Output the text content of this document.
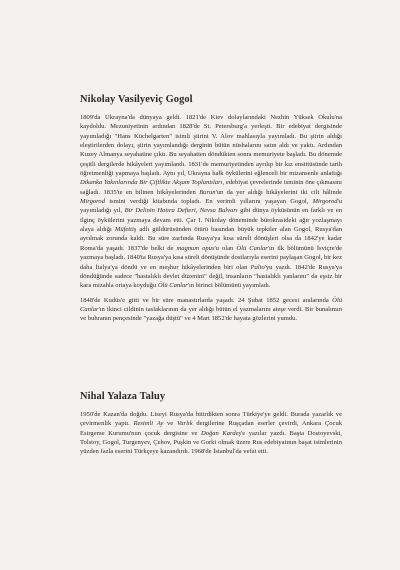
Nikolay Vasilyeviç Gogol

1809'da Ukrayna'da dünyaya geldi. 1821'de Kiev dolaylarındaki Nezhin Yüksek Okulu'na kaydoldu. Mezuniyetinin ardından 1828'de St. Petersburg'a yerleşti. Bir edebiyat dergisinde yayımladığı "Hans Küchelgarten" isimli şiirini V. Alov mahlasıyla yayımladı. Bu şiirin aldığı eleştirilerden dolayı, şiirin yayımlandığı derginin bütün nüshalarını satın aldı ve yaktı. Ardından Kuzey Almanya seyahatine çıktı. Bu seyahatten döndükten sonra memuriyete başladı. Bu dönemde çeşitli dergilerde hikâyeleri yayımlandı. 1831'de memuriyetinden ayrılıp bir kız enstitüsünde tarih öğretmenliği yapmaya başladı. Aynı yıl, Ukrayna halk öykülerini eğlenceli bir mizansenle anlattığı Dikanka Yakınlarında Bir Çiftlikte Akşam Toplantıları, edebiyat çevrelerinde isminin öne çıkmasını sağladı. 1835'te en bilinen hikâyelerinden Burun'un da yer aldığı hikâyelerini iki cilt hâlinde Mirgorod ismini verdiği kitabında topladı. En verimli yıllarını yaşayan Gogol, Mirgorod'u yayımladığı yıl, Bir Delinin Hatıra Defteri, Nevsa Bulvarı gibi dünya öyküsünün en farklı ve en ilginç öykülerini yazmaya devam etti. Çar I. Nikolay döneminde bürokrasideki ağır yozlaşmayı alaya aldığı Müfettiş adlı güldürüsünden ötürü basından büyük tepkiler alan Gogol, Rusya'dan ayrılmak zorunda kaldı. Bu süre zarfında Rusya'ya kısa süreli dönüşleri olsa da 1842'ye kadar Roma'da yaşadı. 1837'de belki de magnum opus'u olan Ölü Canlar'ın ilk bölümünü İsviçre'de yazmaya başladı. 1840'ta Rusya'ya kısa süreli dönüşünde dostlarıyla eserini paylaşan Gogol, bir kez daha İtalya'ya döndü ve en meşhur hikâyelerinden biri olan Palto'yu yazdı. 1842'de Rusya'ya döndüğünde sadece "hastalıklı devlet düzenini" değil, insanların "hastalıklı yanlarını" da eşsiz bir kara mizahla ortaya koyduğu Ölü Canlar'ın birinci bölümünü yayımladı.

1848'de Kudüs'e gitti ve bir süre manastırlarda yaşadı. 24 Şubat 1852 gecesi aralarında Ölü Canlar'ın ikinci cildinin taslaklarının da yer aldığı bütün el yazmalarını ateşe verdi. Bir bunalımın ve buhranın pençesinde "yazağa düştü" ve 4 Mart 1852'de hayata gözlerini yumdu.

Nihal Yalaza Taluy

1950'de Kazan'da doğdu. Liseyi Rusya'da bitirdikten sonra Türkiye'ye geldi. Burada yazarlık ve çevirmenlik yaptı. Resimli Ay ve Varlık dergilerine Ruşçadan eserler çevirdi, Ankara Çocuk Esirgeme Kurumu'nun çocuk dergisine ve Doğan Kardeş'e yazılar yazdı. Başta Dostoyevski, Tolstoy, Gogol, Turgenyev, Çehov, Puşkin ve Gorki olmak üzere Rus edebiyatının başat isimlerinin yüzden fazla eserini Türkçeye kazandırdı. 1968'de İstanbul'da vefat etti.
